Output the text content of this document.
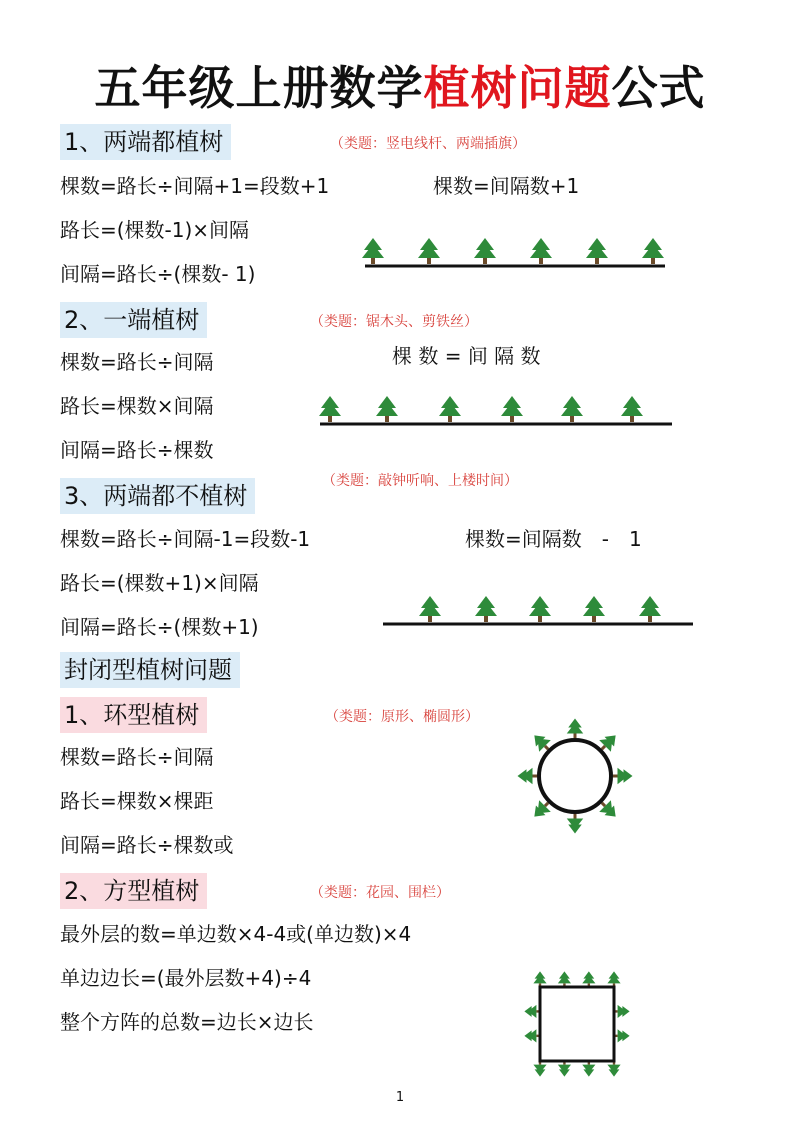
五年级上册数学植树问题公式
1、两端都植树	（类题：竖电线杆、两端插旗）
棵数=路长÷间隔+1=段数+1	棵数=间隔数+1
路长=(棵数-1)×间隔
间隔=路长÷(棵数- 1)
2、一端植树	（类题：锯木头、剪铁丝）
棵数=路长÷间隔	棵 数 = 间 隔 数
路长=棵数×间隔
间隔=路长÷棵数
3、两端都不植树
（类题：敲钟听响、上楼时间）
棵数=路长÷间隔-1=段数-1	棵数=间隔数　-　1
路长=(棵数+1)×间隔
间隔=路长÷(棵数+1)
封闭型植树问题
1、环型植树	（类题：原形、椭圆形）
棵数=路长÷间隔
路长=棵数×棵距
间隔=路长÷棵数或
2、方型植树	（类题：花园、围栏）
最外层的数=单边数×4-4或(单边数)×4
单边边长=(最外层数+4)÷4
整个方阵的总数=边长×边长
1
